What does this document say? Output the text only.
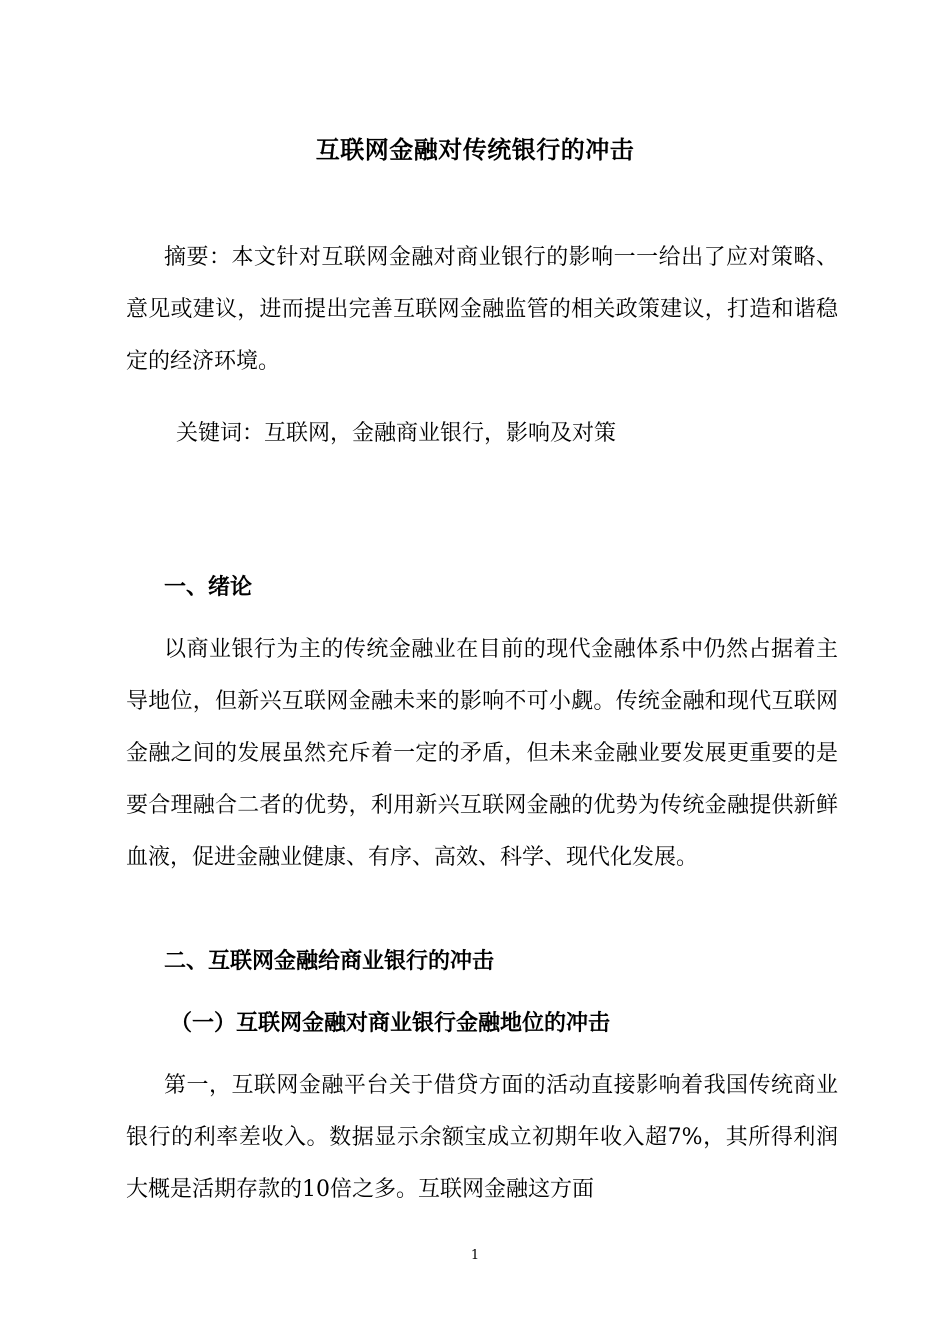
互联网金融对传统银行的冲击

摘要：本文针对互联网金融对商业银行的影响一一给出了应对策略、意见或建议，进而提出完善互联网金融监管的相关政策建议，打造和谐稳定的经济环境。

关键词：互联网，金融商业银行，影响及对策

一、绪论

以商业银行为主的传统金融业在目前的现代金融体系中仍然占据着主导地位，但新兴互联网金融未来的影响不可小觑。传统金融和现代互联网金融之间的发展虽然充斥着一定的矛盾，但未来金融业要发展更重要的是要合理融合二者的优势，利用新兴互联网金融的优势为传统金融提供新鲜血液，促进金融业健康、有序、高效、科学、现代化发展。

二、互联网金融给商业银行的冲击
（一）互联网金融对商业银行金融地位的冲击

第一，互联网金融平台关于借贷方面的活动直接影响着我国传统商业银行的利率差收入。数据显示余额宝成立初期年收入超7%，其所得利润大概是活期存款的10倍之多。互联网金融这方面

1
